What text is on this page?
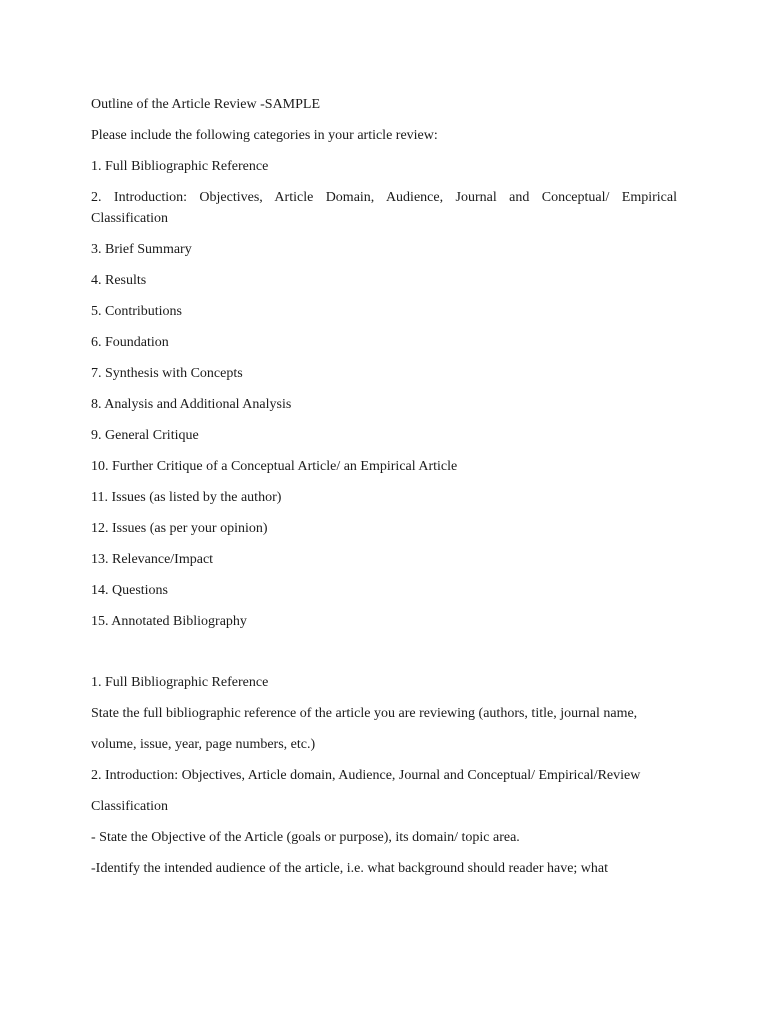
Outline of the Article Review -SAMPLE

Please include the following categories in your article review:

1. Full Bibliographic Reference

2. Introduction: Objectives, Article Domain, Audience, Journal and Conceptual/ Empirical Classification

3. Brief Summary

4. Results

5. Contributions

6. Foundation

7. Synthesis with Concepts

8. Analysis and Additional Analysis

9. General Critique

10. Further Critique of a Conceptual Article/ an Empirical Article

11. Issues (as listed by the author)

12. Issues (as per your opinion)

13. Relevance/Impact

14. Questions

15. Annotated Bibliography

1. Full Bibliographic Reference

State the full bibliographic reference of the article you are reviewing (authors, title, journal name,

volume, issue, year, page numbers, etc.)

2. Introduction: Objectives, Article domain, Audience, Journal and Conceptual/ Empirical/Review

Classification

- State the Objective of the Article (goals or purpose), its domain/ topic area.

-Identify the intended audience of the article, i.e. what background should reader have; what
